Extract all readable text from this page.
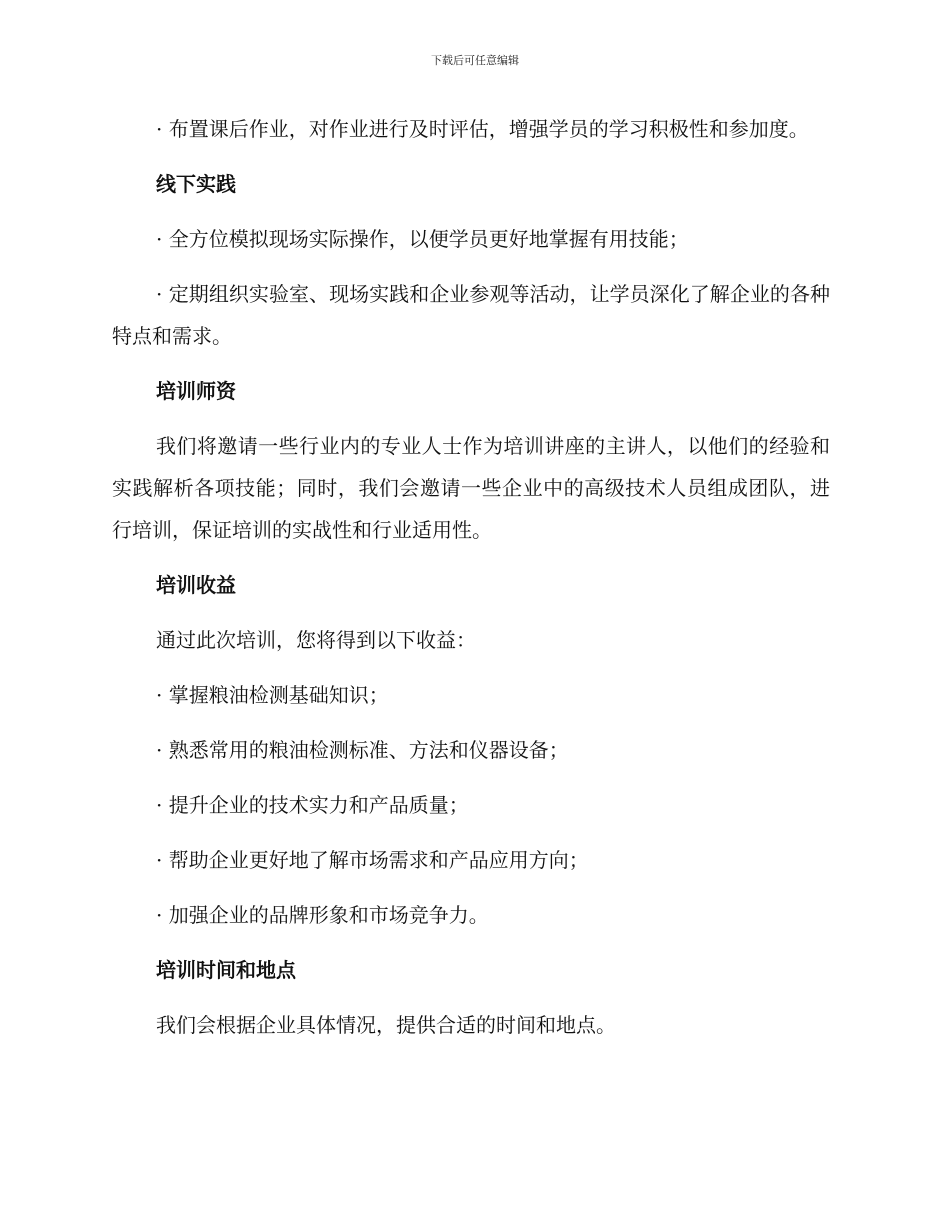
下载后可任意编辑

· 布置课后作业，对作业进行及时评估，增强学员的学习积极性和参加度。

线下实践

· 全方位模拟现场实际操作，以便学员更好地掌握有用技能；

· 定期组织实验室、现场实践和企业参观等活动，让学员深化了解企业的各种特点和需求。

培训师资

我们将邀请一些行业内的专业人士作为培训讲座的主讲人，以他们的经验和实践解析各项技能；同时，我们会邀请一些企业中的高级技术人员组成团队，进行培训，保证培训的实战性和行业适用性。

培训收益

通过此次培训，您将得到以下收益：

· 掌握粮油检测基础知识；

· 熟悉常用的粮油检测标准、方法和仪器设备；

· 提升企业的技术实力和产品质量；

· 帮助企业更好地了解市场需求和产品应用方向；

· 加强企业的品牌形象和市场竞争力。

培训时间和地点

我们会根据企业具体情况，提供合适的时间和地点。
